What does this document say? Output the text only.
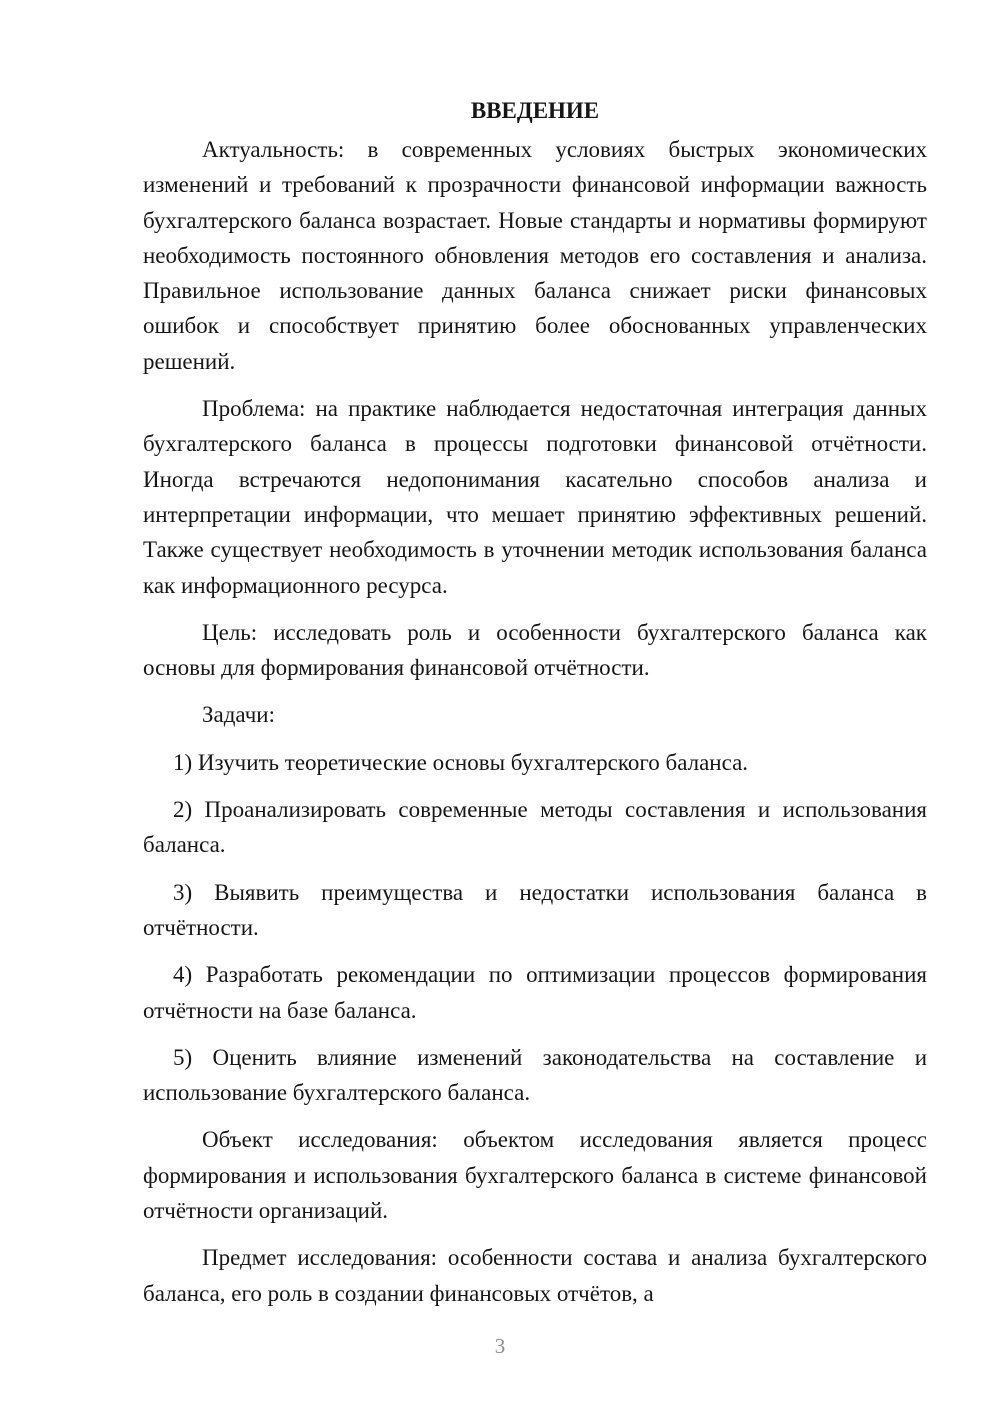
ВВЕДЕНИЕ

Актуальность: в современных условиях быстрых экономических изменений и требований к прозрачности финансовой информации важность бухгалтерского баланса возрастает. Новые стандарты и нормативы формируют необходимость постоянного обновления методов его составления и анализа. Правильное использование данных баланса снижает риски финансовых ошибок и способствует принятию более обоснованных управленческих решений.

Проблема: на практике наблюдается недостаточная интеграция данных бухгалтерского баланса в процессы подготовки финансовой отчётности. Иногда встречаются недопонимания касательно способов анализа и интерпретации информации, что мешает принятию эффективных решений. Также существует необходимость в уточнении методик использования баланса как информационного ресурса.

Цель: исследовать роль и особенности бухгалтерского баланса как основы для формирования финансовой отчётности.

Задачи:

1) Изучить теоретические основы бухгалтерского баланса.

2) Проанализировать современные методы составления и использования баланса.

3) Выявить преимущества и недостатки использования баланса в отчётности.

4) Разработать рекомендации по оптимизации процессов формирования отчётности на базе баланса.

5) Оценить влияние изменений законодательства на составление и использование бухгалтерского баланса.

Объект исследования: объектом исследования является процесс формирования и использования бухгалтерского баланса в системе финансовой отчётности организаций.

Предмет исследования: особенности состава и анализа бухгалтерского баланса, его роль в создании финансовых отчётов, а

3
